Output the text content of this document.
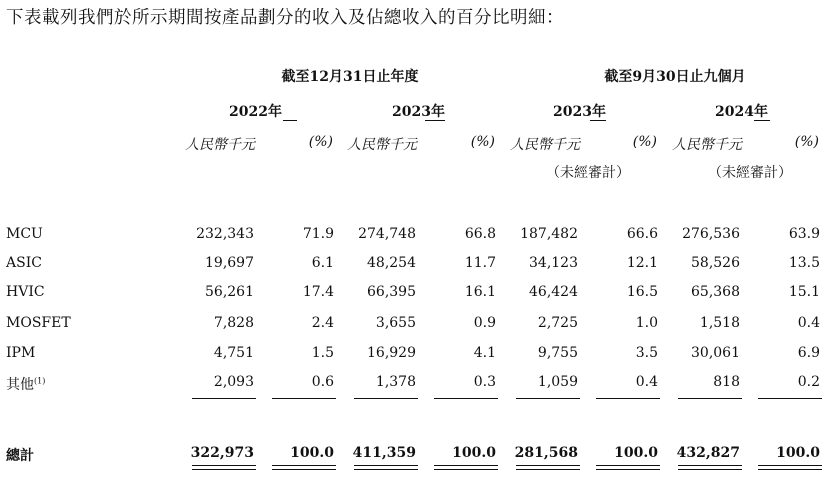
下表載列我們於所示期間按產品劃分的收入及佔總收入的百分比明細：
截至12月31日止年度	截至9月30日止九個月
2022年	2023年	2023年	2024年
人民幣千元	(%) 人民幣千元	(%) 人民幣千元	(%) 人民幣千元	(%)
（未經審計）	（未經審計）
MCU	232,343	71.9	274,748	66.8	187,482	66.6	276,536	63.9
ASIC	19,697	6.1	48,254	11.7	34,123	12.1	58,526	13.5
HVIC	56,261	17.4	66,395	16.1	46,424	16.5	65,368	15.1
MOSFET	7,828	2.4	3,655	0.9	2,725	1.0	1,518	0.4
IPM	4,751	1.5	16,929	4.1	9,755	3.5	30,061	6.9
其他$^{(1)}$	2,093	0.6	1,378	0.3	1,059	0.4	818	0.2
總計	322,973	100.0	411,359	100.0	281,568	100.0	432,827	100.0
